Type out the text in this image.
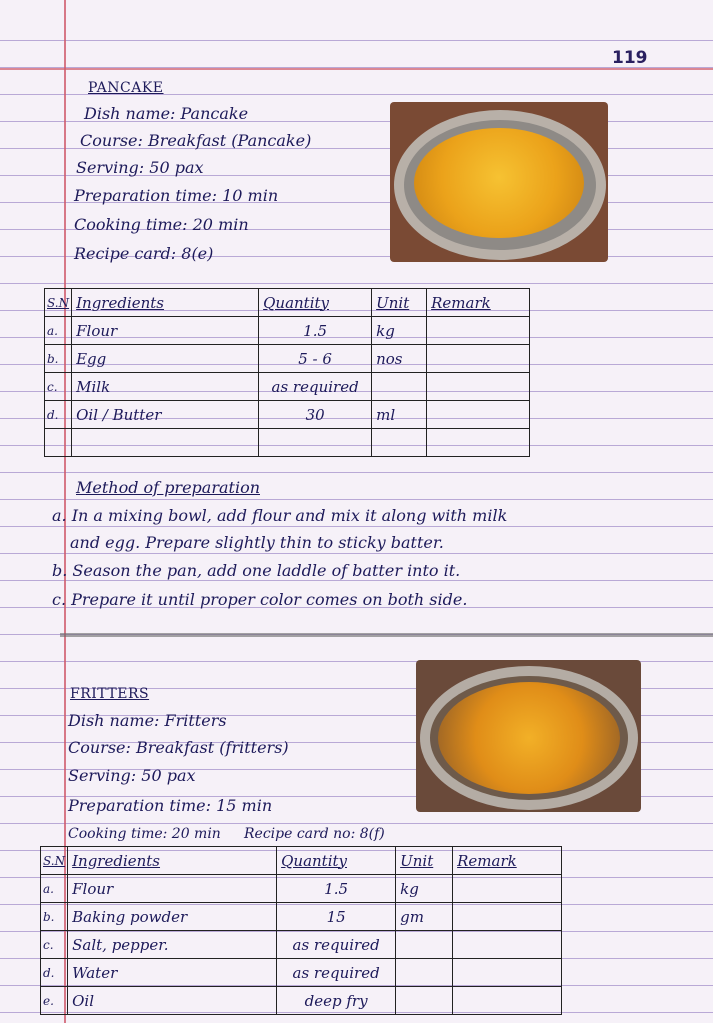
119
PANCAKE
Dish name: Pancake
Course: Breakfast (Pancake)
Serving: 50 pax
Preparation time: 10 min
Cooking time: 20 min
Recipe card: 8(e)
S.N	Ingredients	Quantity	Unit	Remark
a.	Flour	1.5	kg	
b.	Egg	5 - 6	nos	
c.	Milk	as required		
d.	Oil / Butter	30	ml	

Method of preparation
a. In a mixing bowl, add flour and mix it along with milk
and egg. Prepare slightly thin to sticky batter.
b. Season the pan, add one laddle of batter into it.
c. Prepare it until proper color comes on both side.
FRITTERS
Dish name: Fritters
Course: Breakfast (fritters)
Serving: 50 pax
Preparation time: 15 min
Cooking time: 20 min Recipe card no: 8(f)
S.N	Ingredients	Quantity	Unit	Remark
a.	Flour	1.5	kg	
b.	Baking powder	15	gm	
c.	Salt, pepper.	as required		
d.	Water	as required		
e.	Oil	deep fry		
